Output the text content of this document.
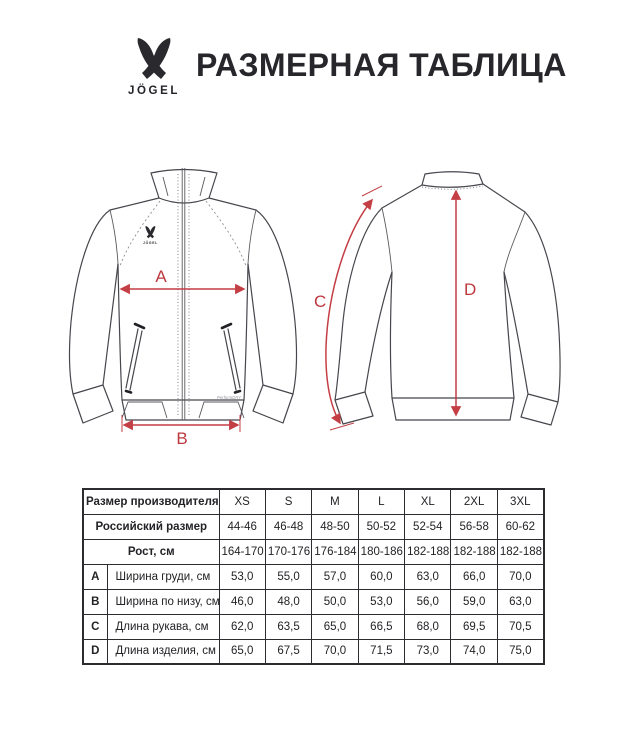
JÖGEL
РАЗМЕРНАЯ ТАБЛИЦА
JÖGEL
PerformDRY
A
B
D
C
Размер производителя		XS	S	M	L	XL	2XL	3XL
Российский размер		44-46	46-48	48-50	50-52	52-54	56-58	60-62
Рост, см		164-170	170-176	176-184	180-186	182-188	182-188	182-188
A	Ширина груди, см	53,0	55,0	57,0	60,0	63,0	66,0	70,0
B	Ширина по низу, см	46,0	48,0	50,0	53,0	56,0	59,0	63,0
C	Длина рукава, см	62,0	63,5	65,0	66,5	68,0	69,5	70,5
D	Длина изделия, см	65,0	67,5	70,0	71,5	73,0	74,0	75,0
